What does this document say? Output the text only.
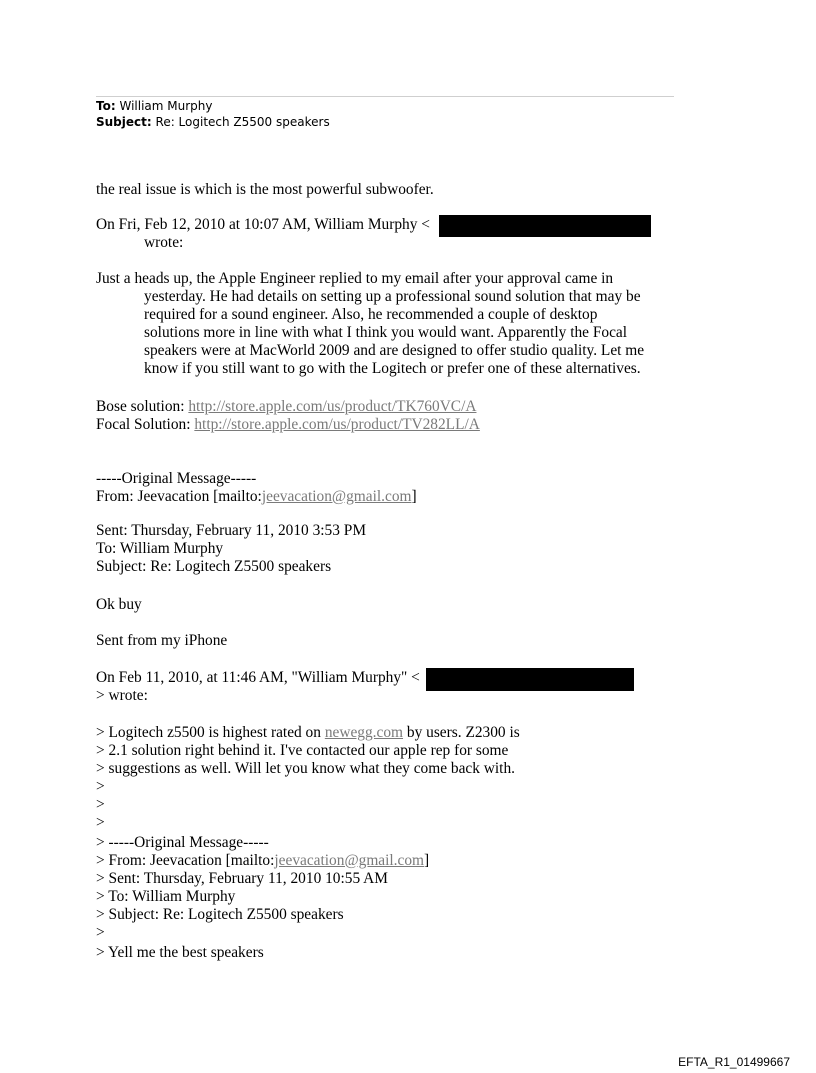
To: William Murphy
Subject: Re: Logitech Z5500 speakers
the real issue is which is the most powerful subwoofer.
On Fri, Feb 12, 2010 at 10:07 AM, William Murphy <
wrote:
Just a heads up, the Apple Engineer replied to my email after your approval came in
yesterday. He had details on setting up a professional sound solution that may be
required for a sound engineer. Also, he recommended a couple of desktop
solutions more in line with what I think you would want. Apparently the Focal
speakers were at MacWorld 2009 and are designed to offer studio quality. Let me
know if you still want to go with the Logitech or prefer one of these alternatives.
Bose solution: http://store.apple.com/us/product/TK760VC/A
Focal Solution: http://store.apple.com/us/product/TV282LL/A
-----Original Message-----
From: Jeevacation [mailto:jeevacation@gmail.com]
Sent: Thursday, February 11, 2010 3:53 PM
To: William Murphy
Subject: Re: Logitech Z5500 speakers
Ok buy
Sent from my iPhone
On Feb 11, 2010, at 11:46 AM, "William Murphy" <
> wrote:
> Logitech z5500 is highest rated on newegg.com by users. Z2300 is
> 2.1 solution right behind it. I've contacted our apple rep for some
> suggestions as well. Will let you know what they come back with.
>
>
>
> -----Original Message-----
> From: Jeevacation [mailto:jeevacation@gmail.com]
> Sent: Thursday, February 11, 2010 10:55 AM
> To: William Murphy
> Subject: Re: Logitech Z5500 speakers
>
> Yell me the best speakers
EFTA_R1_01499667
